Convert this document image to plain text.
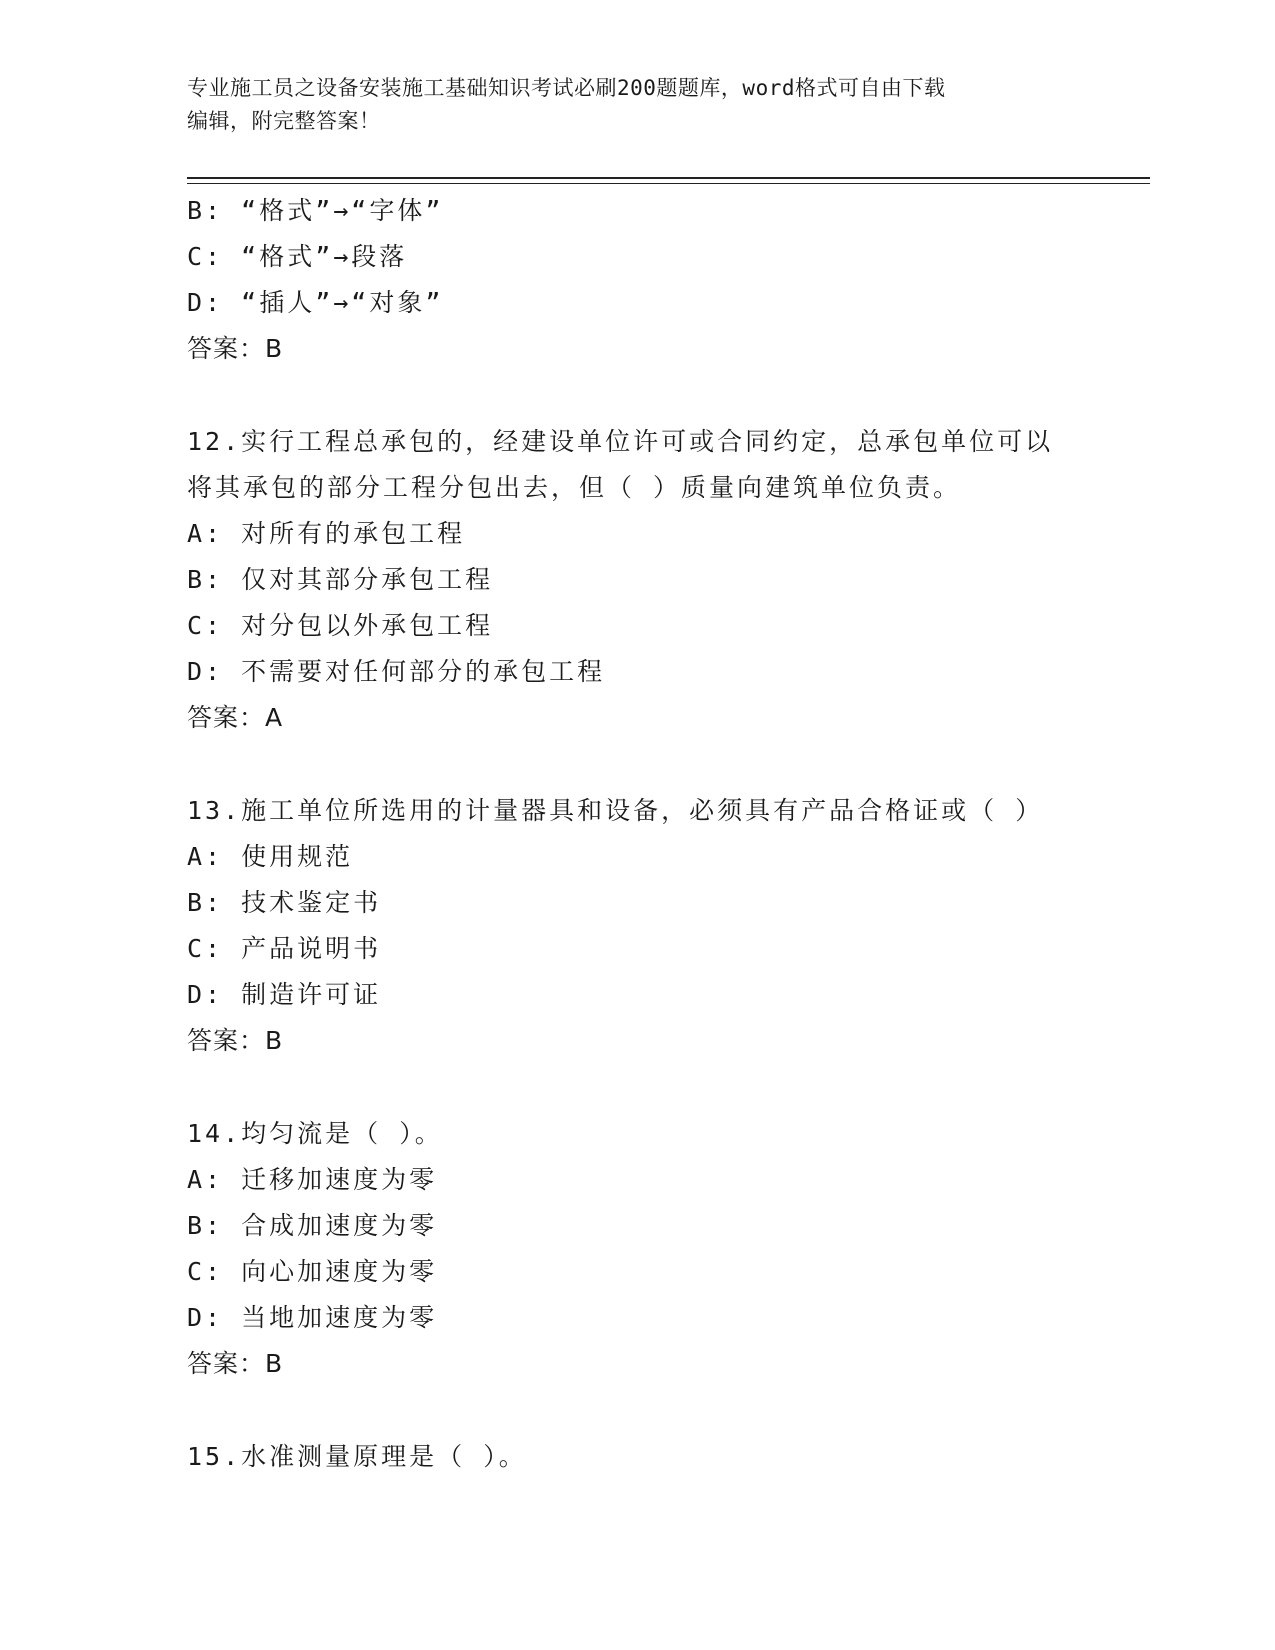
专业施工员之设备安装施工基础知识考试必刷200题题库，word格式可自由下载
编辑，附完整答案！
B: “格式”→“字体”
C: “格式”→段落
D: “插人”→“对象”
答案：B
12.实行工程总承包的，经建设单位许可或合同约定，总承包单位可以
将其承包的部分工程分包出去，但（ ）质量向建筑单位负责。
A: 对所有的承包工程
B: 仅对其部分承包工程
C: 对分包以外承包工程
D: 不需要对任何部分的承包工程
答案：A
13.施工单位所选用的计量器具和设备，必须具有产品合格证或（ ）
A: 使用规范
B: 技术鉴定书
C: 产品说明书
D: 制造许可证
答案：B
14.均匀流是（ ）。
A: 迁移加速度为零
B: 合成加速度为零
C: 向心加速度为零
D: 当地加速度为零
答案：B
15.水准测量原理是（ ）。
